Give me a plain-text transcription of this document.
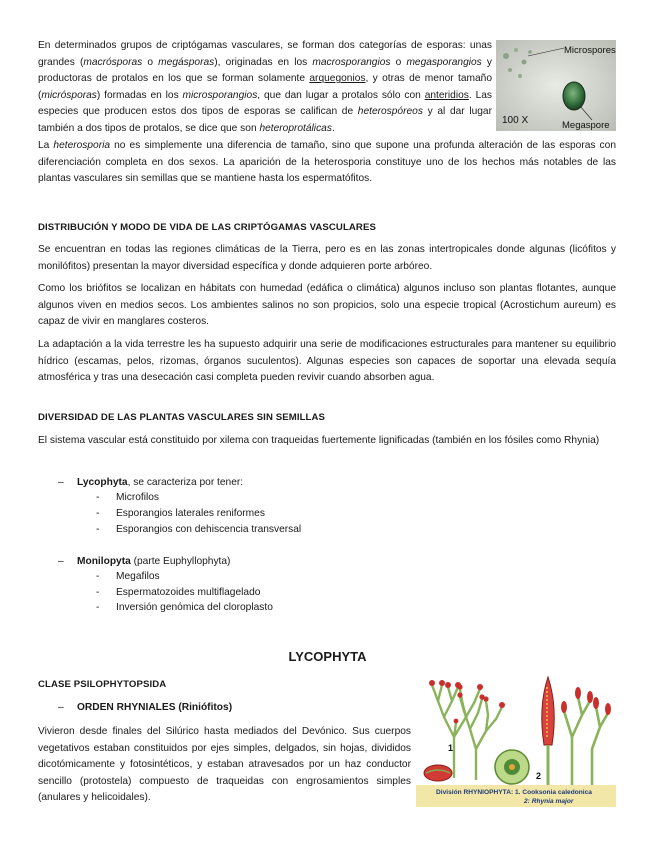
En determinados grupos de criptógamas vasculares, se forman dos categorías de esporas: unas grandes (macrósporas o megásporas), originadas en los macrosporangios o megasporangios y productoras de protalos en los que se forman solamente arquegonios, y otras de menor tamaño (micrósporas) formadas en los microsporangios, que dan lugar a protalos sólo con anteridios. Las especies que producen estos dos tipos de esporas se califican de heterospóreos y al dar lugar también a dos tipos de protalos, se dice que son heteroprotálicas.

Microspores
Megaspore
100 X

La heterosporia no es simplemente una diferencia de tamaño, sino que supone una profunda alteración de las esporas con diferenciación completa en dos sexos. La aparición de la heterosporia constituye uno de los hechos más notables de las plantas vasculares sin semillas que se mantiene hasta los espermatófitos.

DISTRIBUCIÓN Y MODO DE VIDA DE LAS CRIPTÓGAMAS VASCULARES

Se encuentran en todas las regiones climáticas de la Tierra, pero es en las zonas intertropicales donde algunas (licófitos y monilófitos) presentan la mayor diversidad específica y donde adquieren porte arbóreo.

Como los briófitos se localizan en hábitats con humedad (edáfica o climática) algunos incluso son plantas flotantes, aunque algunos viven en medios secos. Los ambientes salinos no son propicios, solo una especie tropical (Acrostichum aureum) es capaz de vivir en manglares costeros.

La adaptación a la vida terrestre les ha supuesto adquirir una serie de modificaciones estructurales para mantener su equilibrio hídrico (escamas, pelos, rizomas, órganos suculentos). Algunas especies son capaces de soportar una elevada sequía atmosférica y tras una desecación casi completa pueden revivir cuando absorben agua.

DIVERSIDAD DE LAS PLANTAS VASCULARES SIN SEMILLAS

El sistema vascular está constituido por xilema con traqueidas fuertemente lignificadas (también en los fósiles como Rhynia)

– Lycophyta, se caracteriza por tener:

- Microfilos

- Esporangios laterales reniformes

- Esporangios con dehiscencia transversal

– Monilopyta (parte Euphyllophyta)

- Megafilos

- Espermatozoides multiflagelado

- Inversión genómica del cloroplasto

LYCOPHYTA
CLASE PSILOPHYTOPSIDA

– ORDEN RHYNIALES (Riniófitos)

Vivieron desde finales del Silúrico hasta mediados del Devónico. Sus cuerpos vegetativos estaban constituidos por ejes simples, delgados, sin hojas, divididos dicotómicamente y fotosintéticos, y estaban atravesados por un haz conductor sencillo (protostela) compuesto de traqueidas con engrosamientos simples (anulares y helicoidales).

1
2
División RHYNIOPHYTA: 1. Cooksonia caledonica
2: Rhynia major
